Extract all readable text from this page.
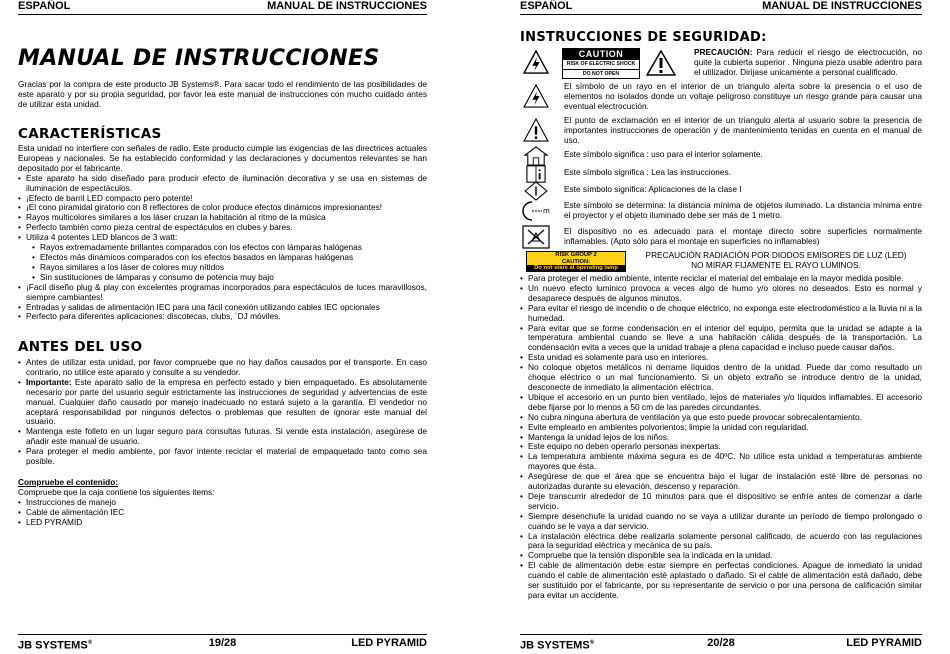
ESPAÑOL	MANUAL DE INSTRUCCIONES
MANUAL DE INSTRUCCIONES

Gracias por la compra de este producto JB Systems®. Para sacar todo el rendimiento de las posibilidades de este aparato y por su propia seguridad, por favor lea este manual de instrucciones con mucho cuidado antes de utilizar esta unidad.

CARACTERÍSTICAS

Esta unidad no interfiere con señales de radio. Este producto cumple las exigencias de las directrices actuales Europeas y nacionales. Se ha establecido conformidad y las declaraciones y documentos relevantes se han depositado por el fabricante.

• Este aparato ha sido diseñado para producir efecto de iluminación decorativa y se usa en sistemas de iluminación de espectáculos.
• ¡Efecto de barril LED compacto pero potente!
• ¡El cono piramidal giratorio con 8 reflectores de color produce efectos dinámicos impresionantes!
• Rayos multicolores similares a los láser cruzan la habitación al ritmo de la música
• Perfecto también como pieza central de espectáculos en clubes y bares.
• Utiliza 4 potentes LED blancos de 3 watt:
• Rayos extremadamente brillantes comparados con los efectos con lámparas halógenas
• Efectos más dinámicos comparados con los efectos basados en lámparas halógenas
• Rayos similares a los láser de colores muy nítidos
• Sin sustituciones de lámparas y consumo de potencia muy bajo
• ¡Facil diseño plug & play con excelentes programas incorporados para espectáculos de luces maravillosos, siempre cambiantes!
• Entradas y salidas de alimentación IEC para una fácil conexión utilizando cables IEC opcionales
• Perfecto para diferentes aplicaciones: discotecas, clubs, ´DJ móviles.
ANTES DEL USO
• Antes de utilizar esta unidad, por favor compruebe que no hay daños causados por el transporte. En caso contrario, no utilice este aparato y consulte a su vendedor.
• Importante: Este aparato salio de la empresa en perfecto estado y bien empaquetado. Es absolutamente necesario por parte del usuario seguir estrictamente las instrucciones de seguridad y advertencias de este manual. Cualquier daño causado por manejo inadecuado no estará sujeto a la garantía. El vendedor no aceptará responsabilidad por ningunos defectos o problemas que resulten de ignorar este manual del usuario.
• Mantenga este folleto en un lugar seguro para consultas futuras. Si vende esta instalación, asegúrese de añadir este manual de usuario.
• Para proteger el medio ambiente, por favor intente reciclar el material de empaquetado tanto como sea posible.

Compruebe el contenido:

Compruebe que la caja contiene los siguientes items:

• Instrucciones de manejo
• Cable de alimentación IEC
• LED PYRAMID
JB SYSTEMS®	19/28	LED PYRAMID
ESPAÑOL	MANUAL DE INSTRUCCIONES
INSTRUCCIONES DE SEGURIDAD:
CAUTION
RISK OF ELECTRIC SHOCK
DO NOT OPEN
PRECAUCIÓN: Para reducir el riesgo de electrocución, no quite la cubierta superior . Ninguna pieza usable adentro para el utilizador. Dirijase unicamente a personal cualificado.
El símbolo de un rayo en el interior de un triangulo alerta sobre la presencia o el uso de elementos no isolados donde un voltaje peligroso constituye un riesgo grande para causar una eventual electrocución.
El punto de exclamación en el interior de un triangulo alerta al usuario sobre la presencia de importantes instrucciones de operación y de mantenimiento tenidas en cuenta en el manual de uso.
Este símbolo significa : uso para el interior solamente.
Este símbolo significa : Lea las instrucciones.
Este símbolo significa: Aplicaciones de la clase I
m
Este símbolo se determina: la distancia mínima de objetos iluminado. La distancia mínima entre el proyector y el objeto iluminado debe ser más de 1 metro.
El dispositivo no es adecuado para el montaje directo sobre superficies normalmente inflamables. (Apto sólo para el montaje en superficies no inflamables)
RISK GROUP 2
CAUTION:
Do not stare at operating lamp
PRECAUCIÓN RADIACIÓN POR DIODOS EMISORES DE LUZ (LED)
NO MIRAR FIJAMENTE EL RAYO LUMINOS.
• Para proteger el medio ambiente, intente reciclar el material del embalaje en la mayor medida posible.
• Un nuevo efecto luminico provoca a veces algo de humo y/o olores no deseados. Esto es normal y desaparece después de algunos minutos.
• Para evitar el riesgo de incendio o de choque eléctrico, no exponga este electrodoméstico a la lluvia ni a la humedad.
• Para evitar que se forme condensación en el interior del equipo, permita que la unidad se adapte a la temperatura ambiental cuando se lleve a una habitación cálida después de la transportación. La condensación evita a veces que la unidad trabaje a plena capacidad e incluso puede causar daños.
• Esta unidad es solamente para uso en interiores.
• No coloque objetos metálicos ni derrame líquidos dentro de la unidad. Puede dar como resultado un choque eléctrico o un mal funcionamiento. Si un objeto extraño se introduce dentro de la unidad, desconecte de inmediato la alimentación eléctrica.
• Ubique el accesorio en un punto bien ventilado, lejos de materiales y/o líquidos inflamables. El accesorio debe fijarse por lo menos a 50 cm de las paredes circundantes.
• No cubra ninguna abertura de ventilación ya que esto puede provocar sobrecalentamiento.
• Evite emplearlo en ambientes polvorientos; limpie la unidad con regularidad.
• Mantenga la unidad lejos de los niños.
• Este equipo no deben operarlo personas inexpertas.
• La temperatura ambiente máxima segura es de 40ºC. No utilice esta unidad a temperaturas ambiente mayores que ésta.
• Asegúrese de que el área que se encuentra bajo el lugar de instalación esté libre de personas no autorizadas durante su elevación, descenso y reparación.
• Deje transcurrir alrededor de 10 minutos para que el dispositivo se enfríe antes de comenzar a darle servicio.
• Siempre desenchufe la unidad cuando no se vaya a utilizar durante un período de tiempo prolongado o cuando se le vaya a dar servicio.
• La instalación eléctrica debe realizarla solamente personal calificado, de acuerdo con las regulaciones para la seguridad eléctrica y mecánica de su país.
• Compruebe que la tensión disponible sea la indicada en la unidad.
• El cable de alimentación debe estar siempre en perfectas condiciones. Apague de inmediato la unidad cuando el cable de alimentación esté aplastado o dañado. Si el cable de alimentación está dañado, debe ser sustituido por el fabricante, por su representante de servicio o por una persona de calificación similar para evitar un accidente.
JB SYSTEMS®	20/28	LED PYRAMID
